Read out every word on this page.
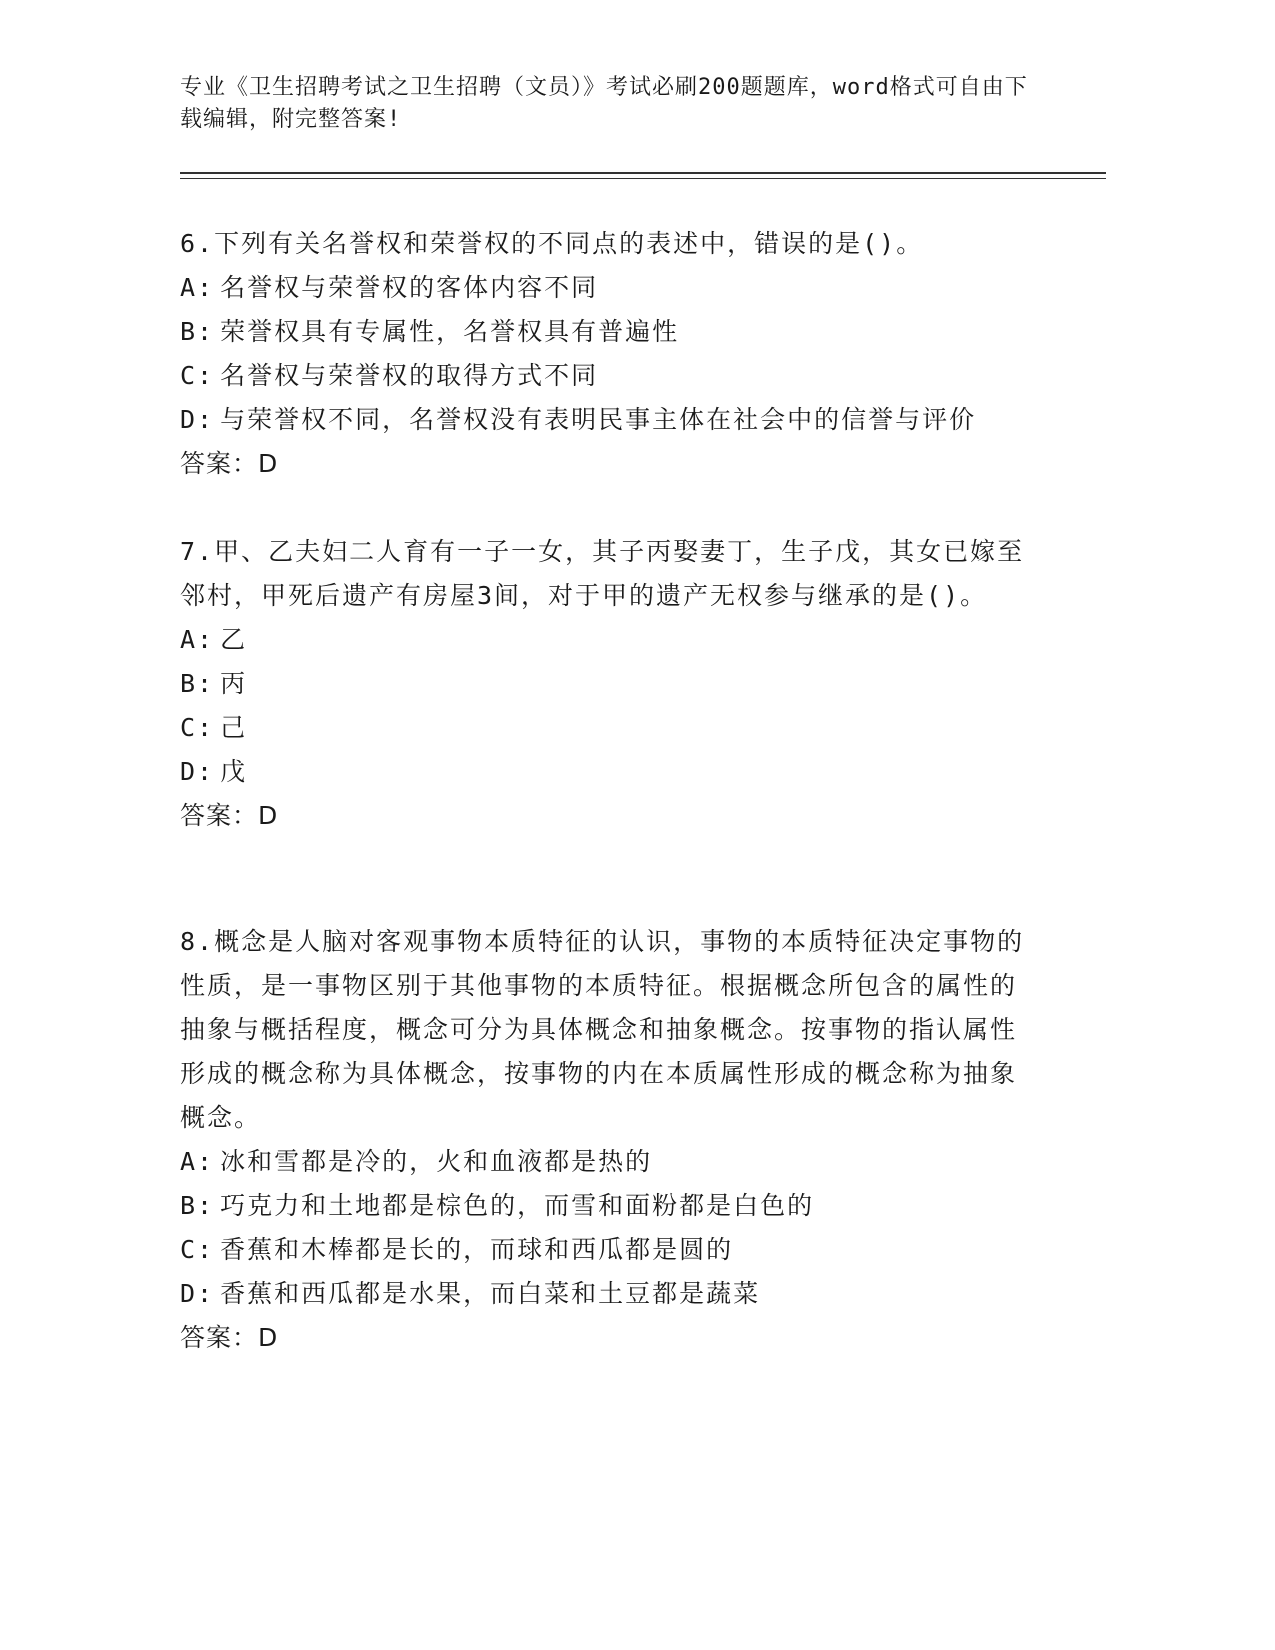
专业《卫生招聘考试之卫生招聘（文员）》考试必刷200题题库，word格式可自由下载编辑，附完整答案!
6.下列有关名誉权和荣誉权的不同点的表述中，错误的是()。
A: 名誉权与荣誉权的客体内容不同
B: 荣誉权具有专属性，名誉权具有普遍性
C: 名誉权与荣誉权的取得方式不同
D: 与荣誉权不同，名誉权没有表明民事主体在社会中的信誉与评价
答案：D
7.甲、乙夫妇二人育有一子一女，其子丙娶妻丁，生子戊，其女已嫁至邻村，甲死后遗产有房屋3间，对于甲的遗产无权参与继承的是()。
A: 乙
B: 丙
C: 己
D: 戊
答案：D
8.概念是人脑对客观事物本质特征的认识，事物的本质特征决定事物的性质，是一事物区别于其他事物的本质特征。根据概念所包含的属性的抽象与概括程度，概念可分为具体概念和抽象概念。按事物的指认属性形成的概念称为具体概念，按事物的内在本质属性形成的概念称为抽象概念。
A: 冰和雪都是冷的，火和血液都是热的
B: 巧克力和土地都是棕色的，而雪和面粉都是白色的
C: 香蕉和木棒都是长的，而球和西瓜都是圆的
D: 香蕉和西瓜都是水果，而白菜和土豆都是蔬菜
答案：D
